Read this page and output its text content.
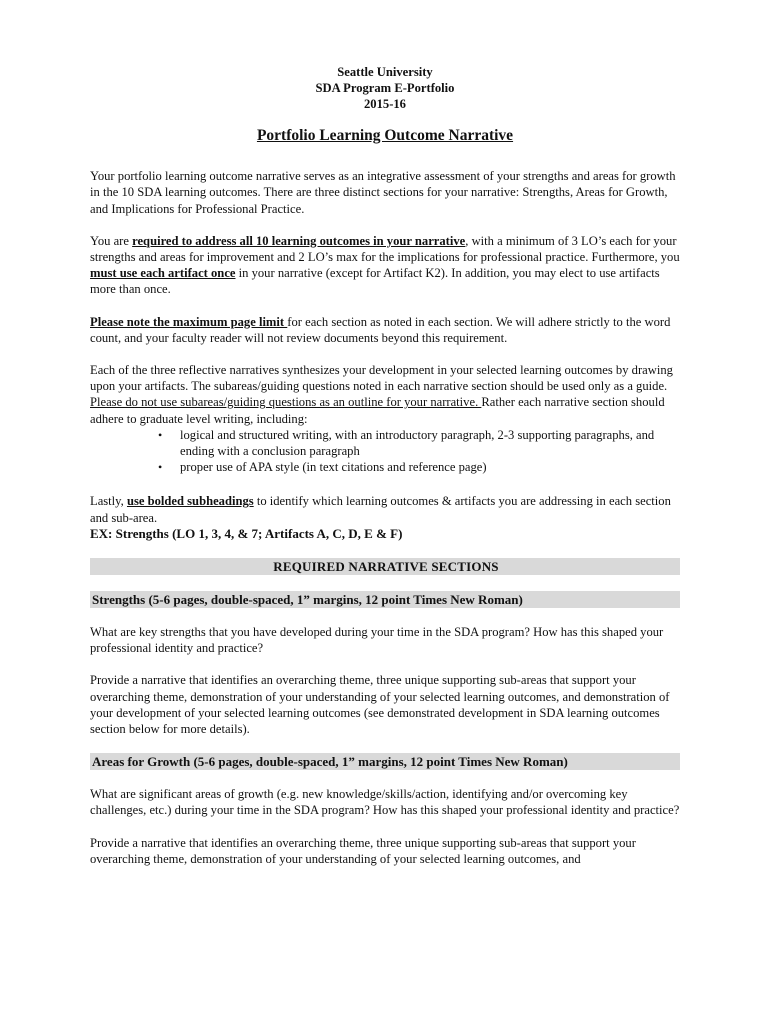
Seattle University
SDA Program E-Portfolio
2015-16
Portfolio Learning Outcome Narrative

Your portfolio learning outcome narrative serves as an integrative assessment of your strengths and areas for growth in the 10 SDA learning outcomes. There are three distinct sections for your narrative: Strengths, Areas for Growth, and Implications for Professional Practice.

You are required to address all 10 learning outcomes in your narrative, with a minimum of 3 LO’s each for your strengths and areas for improvement and 2 LO’s max for the implications for professional practice. Furthermore, you must use each artifact once in your narrative (except for Artifact K2). In addition, you may elect to use artifacts more than once.

Please note the maximum page limit for each section as noted in each section. We will adhere strictly to the word count, and your faculty reader will not review documents beyond this requirement.

Each of the three reflective narratives synthesizes your development in your selected learning outcomes by drawing upon your artifacts. The subareas/guiding questions noted in each narrative section should be used only as a guide. Please do not use subareas/guiding questions as an outline for your narrative. Rather each narrative section should adhere to graduate level writing, including:

• logical and structured writing, with an introductory paragraph, 2-3 supporting paragraphs, and ending with a conclusion paragraph
• proper use of APA style (in text citations and reference page)

Lastly, use bolded subheadings to identify which learning outcomes & artifacts you are addressing in each section and sub-area.

EX: Strengths (LO 1, 3, 4, & 7; Artifacts A, C, D, E & F)

REQUIRED NARRATIVE SECTIONS
Strengths (5-6 pages, double-spaced, 1” margins, 12 point Times New Roman)

What are key strengths that you have developed during your time in the SDA program? How has this shaped your professional identity and practice?

Provide a narrative that identifies an overarching theme, three unique supporting sub-areas that support your overarching theme, demonstration of your understanding of your selected learning outcomes, and demonstration of your development of your selected learning outcomes (see demonstrated development in SDA learning outcomes section below for more details).

Areas for Growth (5-6 pages, double-spaced, 1” margins, 12 point Times New Roman)

What are significant areas of growth (e.g. new knowledge/skills/action, identifying and/or overcoming key challenges, etc.) during your time in the SDA program? How has this shaped your professional identity and practice?

Provide a narrative that identifies an overarching theme, three unique supporting sub-areas that support your overarching theme, demonstration of your understanding of your selected learning outcomes, and
